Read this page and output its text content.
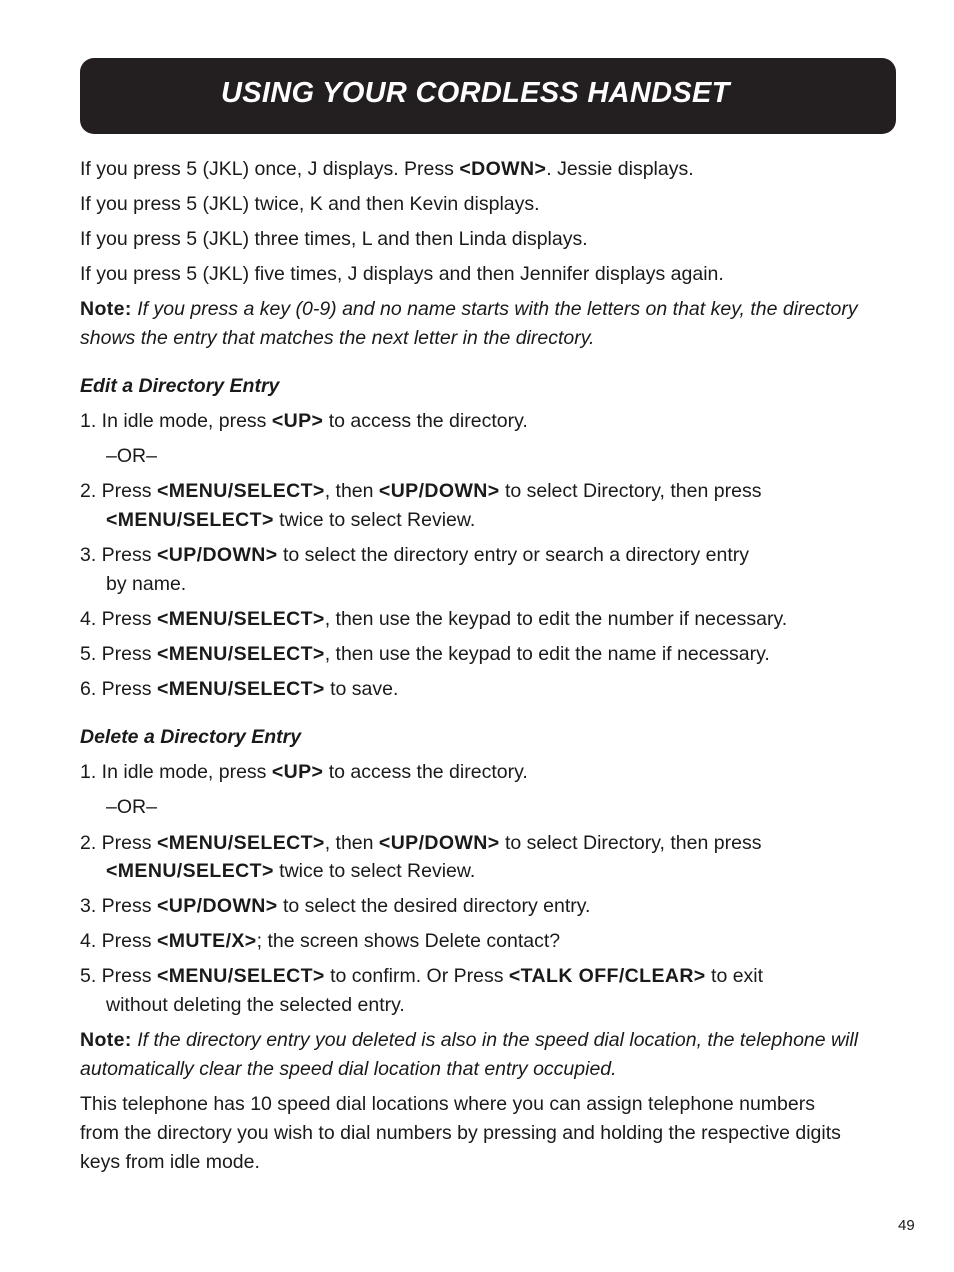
USING YOUR CORDLESS HANDSET
If you press 5 (JKL) once, J displays. Press <DOWN>. Jessie displays.
If you press 5 (JKL) twice, K and then Kevin displays.
If you press 5 (JKL) three times, L and then Linda displays.
If you press 5 (JKL) five times, J displays and then Jennifer displays again.
Note: If you press a key (0-9) and no name starts with the letters on that key, the directory
shows the entry that matches the next letter in the directory.
Edit a Directory Entry
1. In idle mode, press <UP> to access the directory.
–OR–
2. Press <MENU/SELECT>, then <UP/DOWN> to select Directory, then press
<MENU/SELECT> twice to select Review.
3. Press <UP/DOWN> to select the directory entry or search a directory entry
by name.
4. Press <MENU/SELECT>, then use the keypad to edit the number if necessary.
5. Press <MENU/SELECT>, then use the keypad to edit the name if necessary.
6. Press <MENU/SELECT> to save.
Delete a Directory Entry
1. In idle mode, press <UP> to access the directory.
–OR–
2. Press <MENU/SELECT>, then <UP/DOWN> to select Directory, then press
<MENU/SELECT> twice to select Review.
3. Press <UP/DOWN> to select the desired directory entry.
4. Press <MUTE/X>; the screen shows Delete contact?
5. Press <MENU/SELECT> to confirm. Or Press <TALK OFF/CLEAR> to exit
without deleting the selected entry.
Note: If the directory entry you deleted is also in the speed dial location, the telephone will
automatically clear the speed dial location that entry occupied.
This telephone has 10 speed dial locations where you can assign telephone numbers
from the directory you wish to dial numbers by pressing and holding the respective digits
keys from idle mode.
49
